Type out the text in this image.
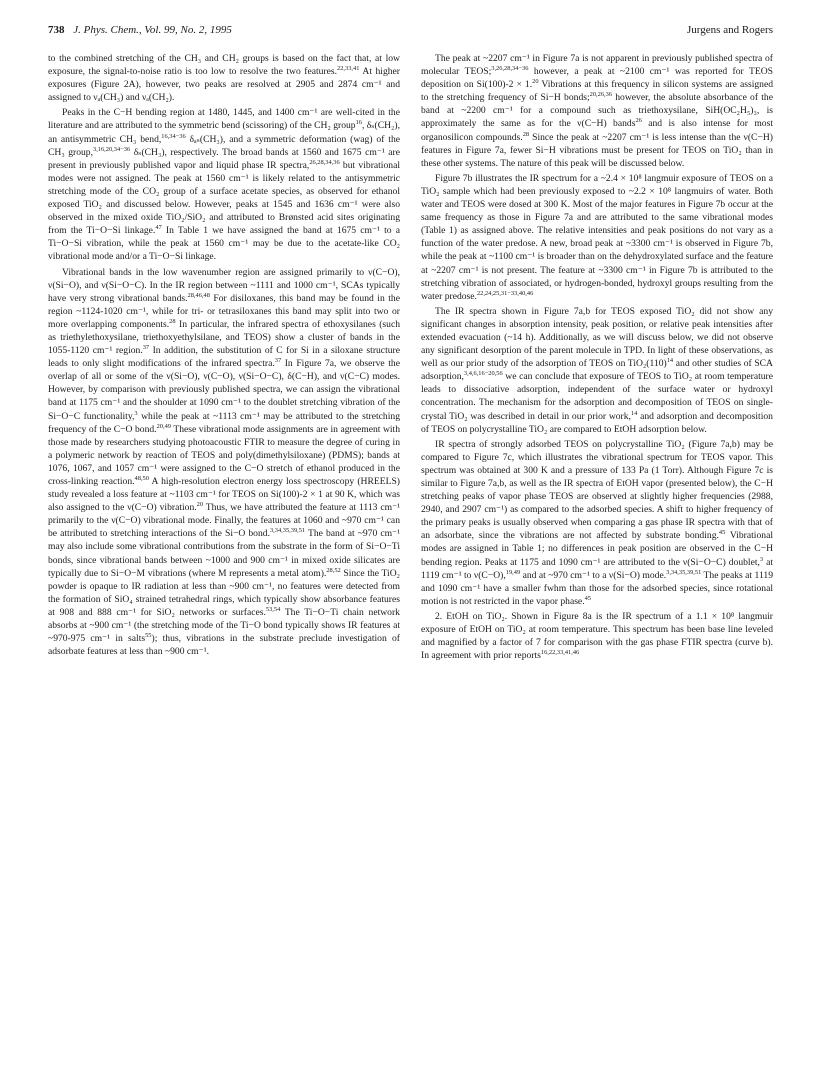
738 J. Phys. Chem., Vol. 99, No. 2, 1995	Jurgens and Rogers

to the combined stretching of the CH₃ and CH₂ groups is based on the fact that, at low exposure, the signal-to-noise ratio is too low to resolve the two features.$^{22,33,41}$ At higher exposures (Figure 2A), however, two peaks are resolved at 2905 and 2874 cm⁻¹ and assigned to νₐ(CH₃) and νₐ(CH₂).

Peaks in the C−H bending region at 1480, 1445, and 1400 cm⁻¹ are well-cited in the literature and are attributed to the symmetric bend (scissoring) of the CH₂ group$^{16}$, δₛ(CH₂), an antisymmetric CH₃ bend,$^{16,34-36}$ δₐₛ(CH₃), and a symmetric deformation (wag) of the CH₃ group,$^{3,16,20,34-36}$ δₛ(CH₃), respectively. The broad bands at 1560 and 1675 cm⁻¹ are present in previously published vapor and liquid phase IR spectra,$^{26,28,34,36}$ but vibrational modes were not assigned. The peak at 1560 cm⁻¹ is likely related to the antisymmetric stretching mode of the CO₂ group of a surface acetate species, as observed for ethanol exposed TiO₂ and discussed below. However, peaks at 1545 and 1636 cm⁻¹ were also observed in the mixed oxide TiO₂/SiO₂ and attributed to Brønsted acid sites originating from the Ti−O−Si linkage.$^{47}$ In Table 1 we have assigned the band at 1675 cm⁻¹ to a Ti−O−Si vibration, while the peak at 1560 cm⁻¹ may be due to the acetate-like CO₂ vibrational mode and/or a Ti−O−Si linkage.

Vibrational bands in the low wavenumber region are assigned primarily to ν(C−O), ν(Si−O), and ν(Si−O−C). In the IR region between ~1111 and 1000 cm⁻¹, SCAs typically have very strong vibrational bands.$^{28,46,48}$ For disiloxanes, this band may be found in the region ~1124-1020 cm⁻¹, while for tri- or tetrasiloxanes this band may split into two or more overlapping components.$^{28}$ In particular, the infrared spectra of ethoxysilanes (such as triethylethoxysilane, triethoxyethylsilane, and TEOS) show a cluster of bands in the 1055-1120 cm⁻¹ region.$^{37}$ In addition, the substitution of C for Si in a siloxane structure leads to only slight modifications of the infrared spectra.$^{37}$ In Figure 7a, we observe the overlap of all or some of the ν(Si−O), ν(C−O), ν(Si−O−C), δ(C−H), and ν(C−C) modes. However, by comparison with previously published spectra, we can assign the vibrational band at 1175 cm⁻¹ and the shoulder at 1090 cm⁻¹ to the doublet stretching vibration of the Si−O−C functionality,$^3$ while the peak at ~1113 cm⁻¹ may be attributed to the stretching frequency of the C−O bond.$^{20,49}$ These vibrational mode assignments are in agreement with those made by researchers studying photoacoustic FTIR to measure the degree of curing in a polymeric network by reaction of TEOS and poly(dimethylsiloxane) (PDMS); bands at 1076, 1067, and 1057 cm⁻¹ were assigned to the C−O stretch of ethanol produced in the cross-linking reaction.$^{48,50}$ A high-resolution electron energy loss spectroscopy (HREELS) study revealed a loss feature at ~1103 cm⁻¹ for TEOS on Si(100)-2 × 1 at 90 K, which was also assigned to the ν(C−O) vibration.$^{20}$ Thus, we have attributed the feature at 1113 cm⁻¹ primarily to the ν(C−O) vibrational mode. Finally, the features at 1060 and ~970 cm⁻¹ can be attributed to stretching interactions of the Si−O bond.$^{3,34,35,39,51}$ The band at ~970 cm⁻¹ may also include some vibrational contributions from the substrate in the form of Si−O−Ti bonds, since vibrational bands between ~1000 and 900 cm⁻¹ in mixed oxide silicates are typically due to Si−O−M vibrations (where M represents a metal atom).$^{28,52}$ Since the TiO₂ powder is opaque to IR radiation at less than ~900 cm⁻¹, no features were detected from the formation of SiO₄ strained tetrahedral rings, which typically show absorbance features at 908 and 888 cm⁻¹ for SiO₂ networks or surfaces.$^{53,54}$ The Ti−O−Ti chain network absorbs at ~900 cm⁻¹ (the stretching mode of the Ti−O bond typically shows IR features at ~970-975 cm⁻¹ in salts$^{55}$); thus, vibrations in the substrate preclude investigation of adsorbate features at less than ~900 cm⁻¹.

The peak at ~2207 cm⁻¹ in Figure 7a is not apparent in previously published spectra of molecular TEOS;$^{3,26,28,34-36}$ however, a peak at ~2100 cm⁻¹ was reported for TEOS deposition on Si(100)-2 × 1.20 Vibrations at this frequency in silicon systems are assigned to the stretching frequency of Si−H bonds;$^{20,26,36}$ however, the absolute absorbance of the band at ~2200 cm⁻¹ for a compound such as triethoxysilane, SiH(OC₂H₅)₃, is approximately the same as for the ν(C−H) bands$^{26}$ and is also intense for most organosilicon compounds.$^{28}$ Since the peak at ~2207 cm⁻¹ is less intense than the ν(C−H) features in Figure 7a, fewer Si−H vibrations must be present for TEOS on TiO₂ than in these other systems. The nature of this peak will be discussed below.

Figure 7b illustrates the IR spectrum for a ~2.4 × 10⁸ langmuir exposure of TEOS on a TiO₂ sample which had been previously exposed to ~2.2 × 10⁸ langmuirs of water. Both water and TEOS were dosed at 300 K. Most of the major features in Figure 7b occur at the same frequency as those in Figure 7a and are attributed to the same vibrational modes (Table 1) as assigned above. The relative intensities and peak positions do not vary as a function of the water predose. A new, broad peak at ~3300 cm⁻¹ is observed in Figure 7b, while the peak at ~1100 cm⁻¹ is broader than on the dehydroxylated surface and the feature at ~2207 cm⁻¹ is not present. The feature at ~3300 cm⁻¹ in Figure 7b is attributed to the stretching vibration of associated, or hydrogen-bonded, hydroxyl groups resulting from the water predose.$^{22,24,25,31-33,40,46}$

The IR spectra shown in Figure 7a,b for TEOS exposed TiO₂ did not show any significant changes in absorption intensity, peak position, or relative peak intensities after extended evacuation (~14 h). Additionally, as we will discuss below, we did not observe any significant desorption of the parent molecule in TPD. In light of these observations, as well as our prior study of the adsorption of TEOS on $TiO_2(110)^{14}$ and other studies of SCA adsorption,$^{3,4,6,16-20,56}$ we can conclude that exposure of TEOS to TiO₂ at room temperature leads to dissociative adsorption, independent of the surface water or hydroxyl concentration. The mechanism for the adsorption and decomposition of TEOS on single-crystal TiO₂ was described in detail in our prior work,$^{14}$ and adsorption and decomposition of TEOS on polycrystalline TiO₂ are compared to EtOH adsorption below.

IR spectra of strongly adsorbed TEOS on polycrystalline TiO₂ (Figure 7a,b) may be compared to Figure 7c, which illustrates the vibrational spectrum for TEOS vapor. This spectrum was obtained at 300 K and a pressure of 133 Pa (1 Torr). Although Figure 7c is similar to Figure 7a,b, as well as the IR spectra of EtOH vapor (presented below), the C−H stretching peaks of vapor phase TEOS are observed at slightly higher frequencies (2988, 2940, and 2907 cm⁻¹) as compared to the adsorbed species. A shift to higher frequency of the primary peaks is usually observed when comparing a gas phase IR spectra with that of an adsorbate, since the vibrations are not affected by substrate bonding.$^{45}$ Vibrational modes are assigned in Table 1; no differences in peak position are observed in the C−H bending region. Peaks at 1175 and 1090 cm⁻¹ are attributed to the ν(Si−O−C) doublet,$^3$ at 1119 cm⁻¹ to ν(C−O),$^{19,49}$ and at ~970 cm⁻¹ to a ν(Si−O) mode.$^{3,34,35,39,51}$ The peaks at 1119 and 1090 cm⁻¹ have a smaller fwhm than those for the adsorbed species, since rotational motion is not restricted in the vapor phase.$^{45}$

2. EtOH on TiO₂. Shown in Figure 8a is the IR spectrum of a 1.1 × 10⁸ langmuir exposure of EtOH on TiO₂ at room temperature. This spectrum has been base line leveled and magnified by a factor of 7 for comparison with the gas phase FTIR spectra (curve b). In agreement with prior reports$^{16,22,33,41,46}$
